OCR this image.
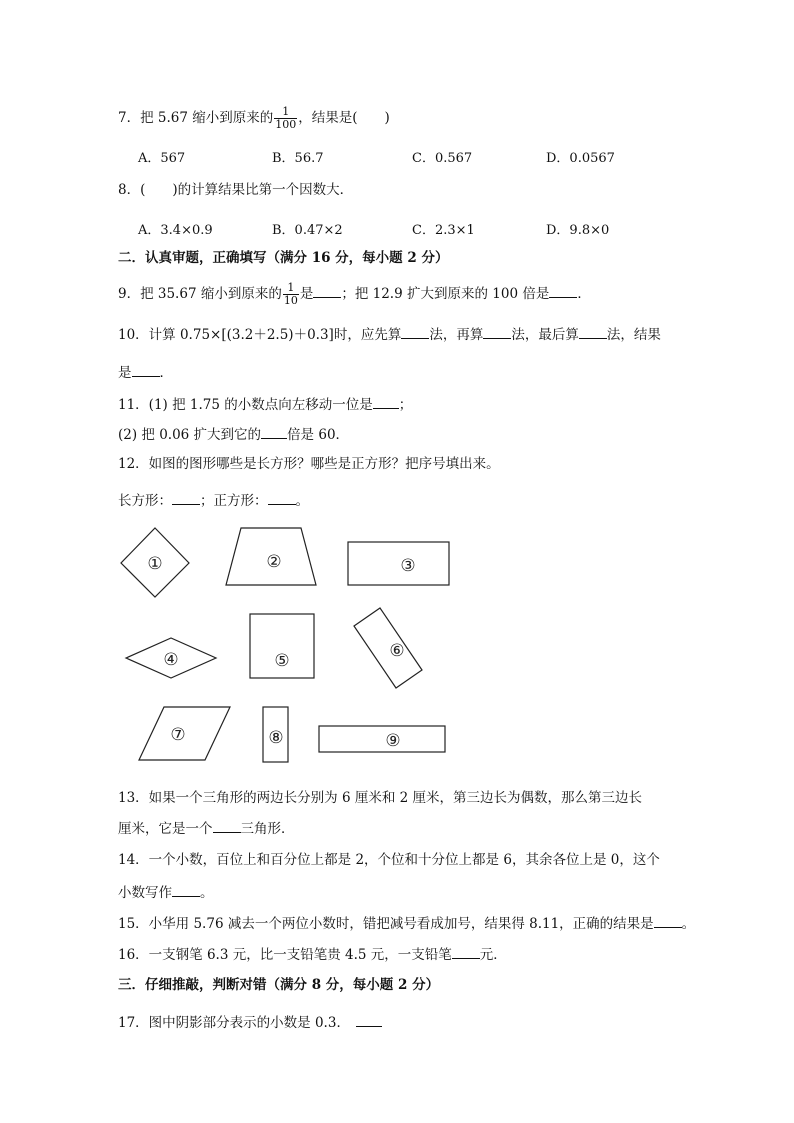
7．把 5.67 缩小到原来的 $\frac{1}{100}$ ，结果是(　　)
A．567	B．56.7	C．0.567	D．0.0567
8．(　　)的计算结果比第一个因数大．
A．3.4×0.9	B．0.47×2	C．2.3×1	D．9.8×0
二．认真审题，正确填写（满分 16 分，每小题 2 分）
9．把 35.67 缩小到原来的 $\frac{1}{10}$ 是 ；把 12.9 扩大到原来的 100 倍是 ．
10．计算 0.75×[(3.2＋2.5)＋0.3]时，应先算 法，再算 法，最后算 法，结果
是 ．
11．(1) 把 1.75 的小数点向左移动一位是 ；
(2) 把 0.06 扩大到它的 倍是 60．
12．如图的图形哪些是长方形？哪些是正方形？把序号填出来。
长方形： ；正方形： 。
①	②	③
④	⑤	⑥
⑦	⑧	⑨
13．如果一个三角形的两边长分别为 6 厘米和 2 厘米，第三边长为偶数，那么第三边长
厘米，它是一个 三角形．
14．一个小数，百位上和百分位上都是 2，个位和十分位上都是 6，其余各位上是 0，这个
小数写作 。
15．小华用 5.76 减去一个两位小数时，错把减号看成加号，结果得 8.11，正确的结果是 。
16．一支钢笔 6.3 元，比一支铅笔贵 4.5 元，一支铅笔 元．
三．仔细推敲，判断对错（满分 8 分，每小题 2 分）
17．图中阴影部分表示的小数是 0.3．
